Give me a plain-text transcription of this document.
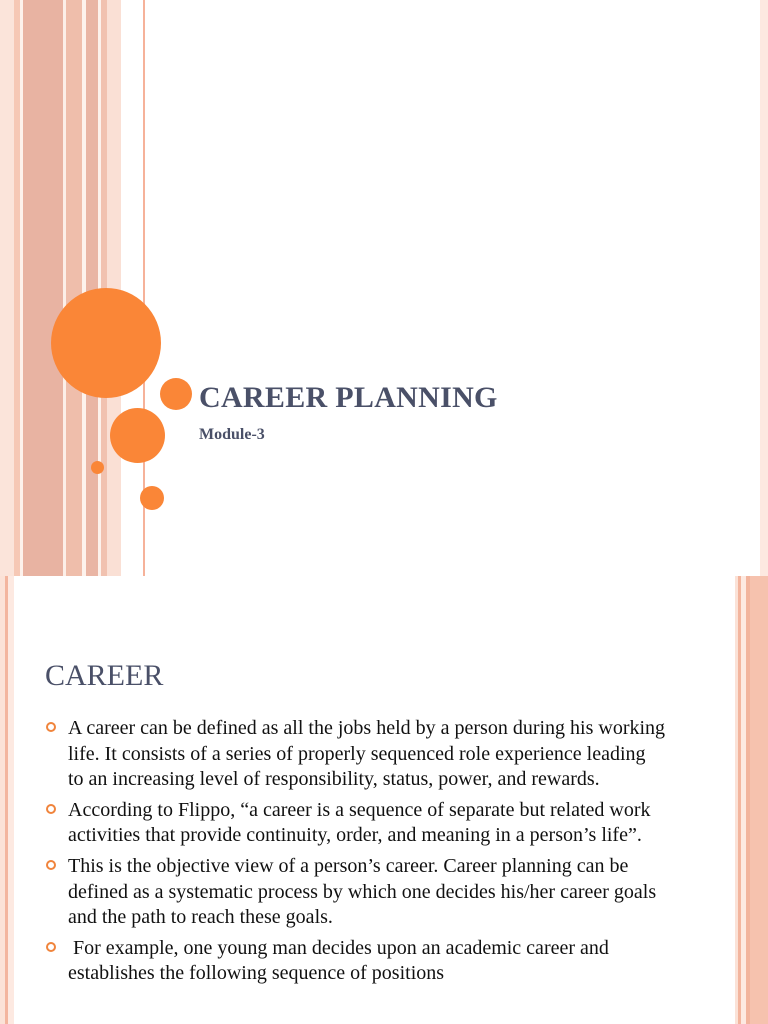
CAREER PLANNING
Module-3
CAREER
A career can be defined as all the jobs held by a person during his working life. It consists of a series of properly sequenced role experience leading to an increasing level of responsibility, status, power, and rewards.
According to Flippo, “a career is a sequence of separate but related work activities that provide continuity, order, and meaning in a person’s life”.
This is the objective view of a person’s career. Career planning can be defined as a systematic process by which one decides his/her career goals and the path to reach these goals.
For example, one young man decides upon an academic career and establishes the following sequence of positions
